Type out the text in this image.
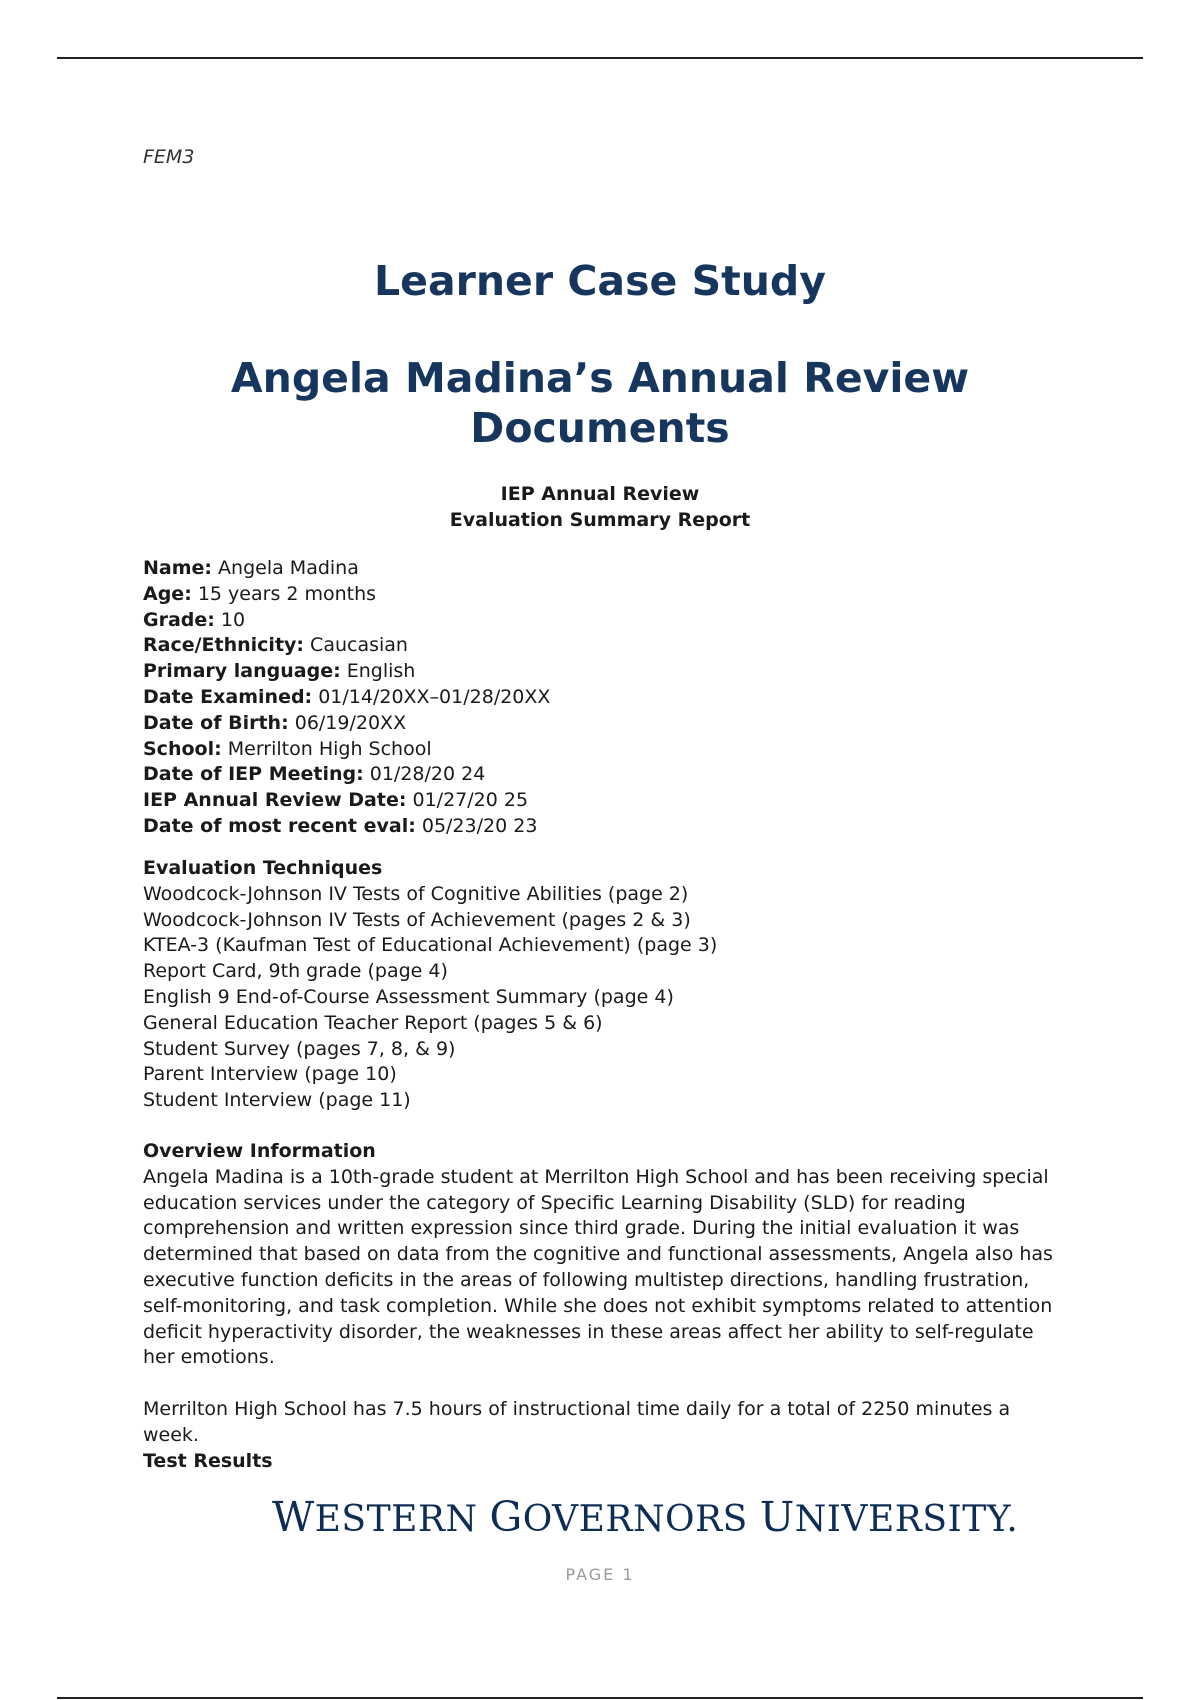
FEM3
Learner Case Study
Angela Madina’s Annual Review Documents
IEP Annual Review
Evaluation Summary Report
Name: Angela Madina
Age: 15 years 2 months
Grade: 10
Race/Ethnicity: Caucasian
Primary language: English
Date Examined: 01/14/20XX–01/28/20XX
Date of Birth: 06/19/20XX
School: Merrilton High School
Date of IEP Meeting: 01/28/20 24
IEP Annual Review Date: 01/27/20 25
Date of most recent eval: 05/23/20 23
Evaluation Techniques
Woodcock-Johnson IV Tests of Cognitive Abilities (page 2)
Woodcock-Johnson IV Tests of Achievement (pages 2 & 3)
KTEA-3 (Kaufman Test of Educational Achievement) (page 3)
Report Card, 9th grade (page 4)
English 9 End-of-Course Assessment Summary (page 4)
General Education Teacher Report (pages 5 & 6)
Student Survey (pages 7, 8, & 9)
Parent Interview (page 10)
Student Interview (page 11)
Overview Information

Angela Madina is a 10th-grade student at Merrilton High School and has been receiving special education services under the category of Specific Learning Disability (SLD) for reading comprehension and written expression since third grade. During the initial evaluation it was determined that based on data from the cognitive and functional assessments, Angela also has executive function deficits in the areas of following multistep directions, handling frustration, self-monitoring, and task completion. While she does not exhibit symptoms related to attention deficit hyperactivity disorder, the weaknesses in these areas affect her ability to self-regulate her emotions.

Merrilton High School has 7.5 hours of instructional time daily for a total of 2250 minutes a week.

Test Results
WESTERN GOVERNORS UNIVERSITY.
PAGE 1
